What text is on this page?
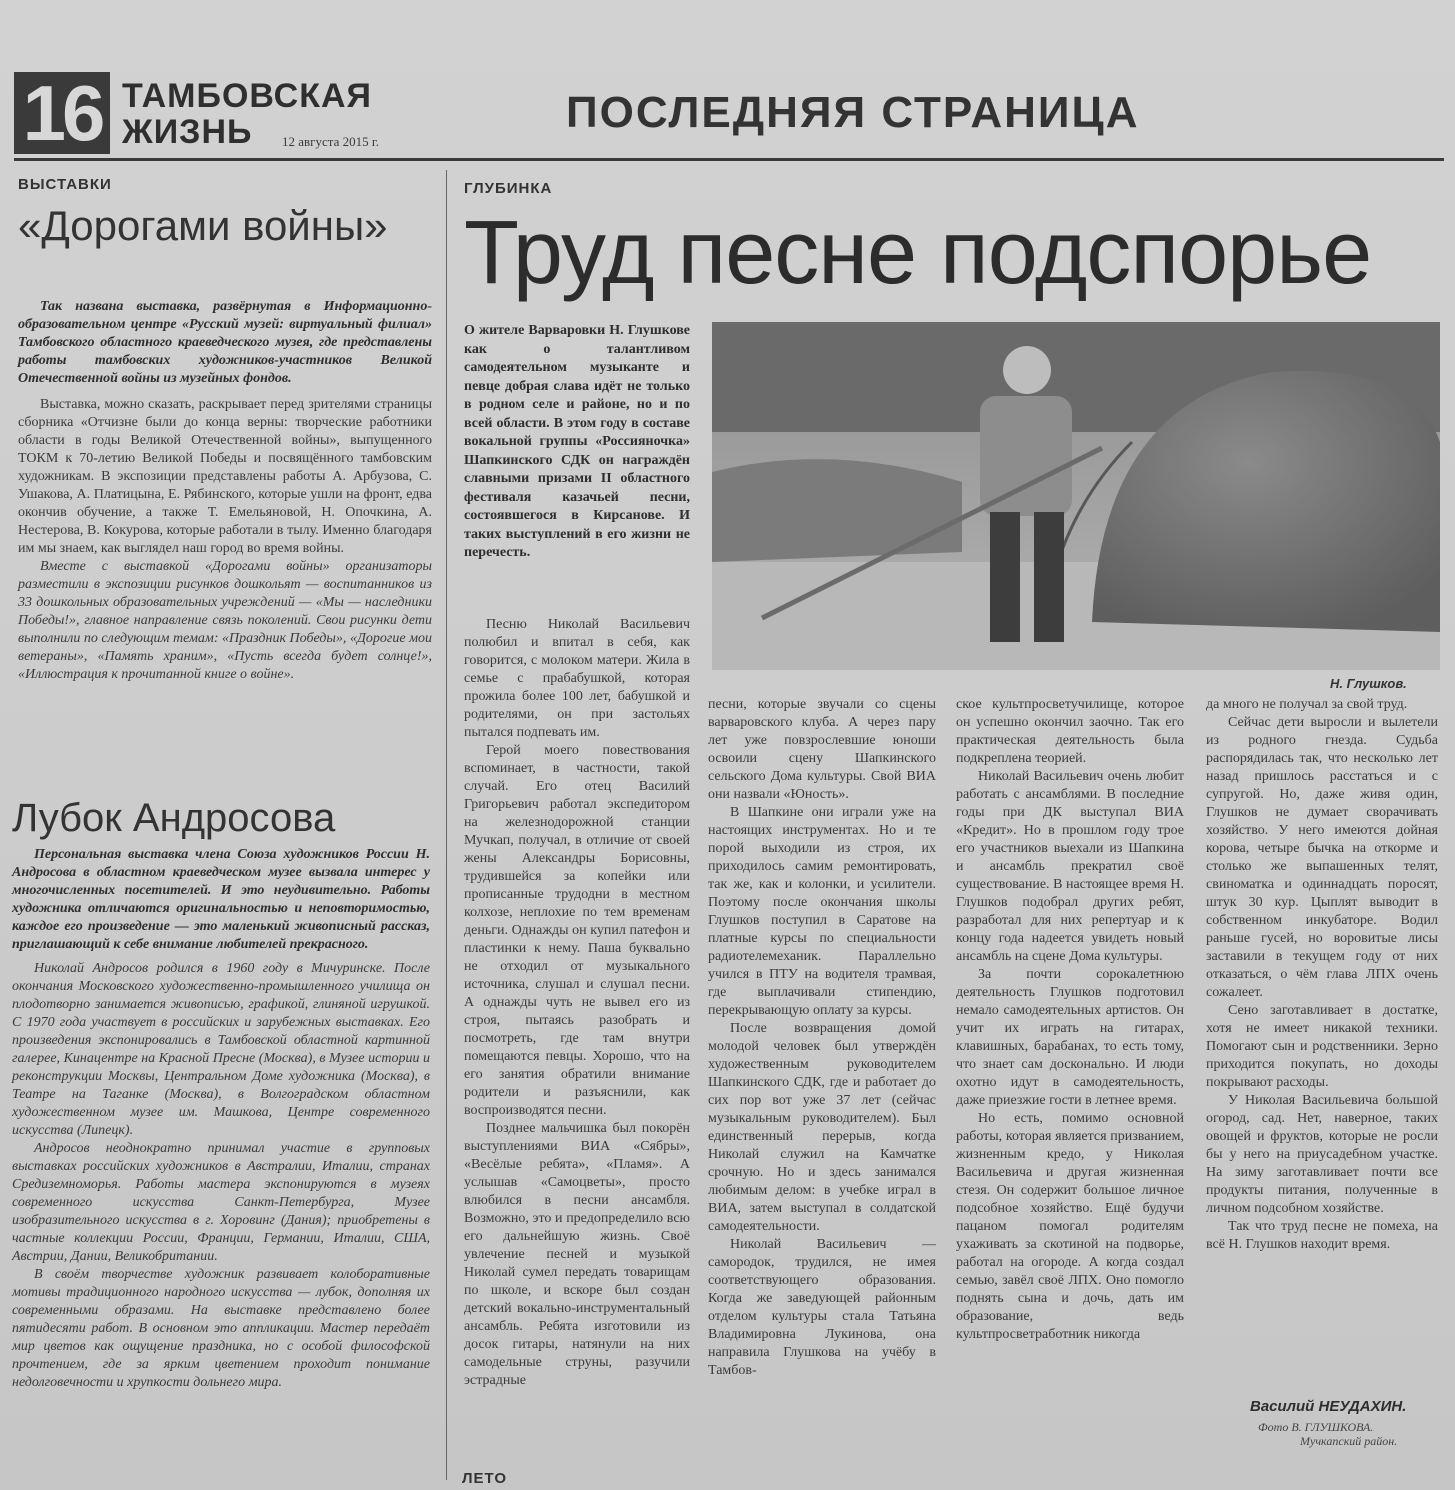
16 ТАМБОВСКАЯ
ЖИЗНЬ	12 августа 2015 г.
ПОСЛЕДНЯЯ СТРАНИЦА
ВЫСТАВКИ
«Дорогами войны»

Так названа выставка, развёрнутая в Информационно-образовательном центре «Русский музей: виртуальный филиал» Тамбовского областного краеведческого музея, где представлены работы тамбовских художников-участников Великой Отечественной войны из музейных фондов.

Выставка, можно сказать, раскрывает перед зрителями страницы сборника «Отчизне были до конца верны: творческие работники области в годы Великой Отечественной войны», выпущенного ТОКМ к 70-летию Великой Победы и посвящённого тамбовским художникам. В экспозиции представлены работы А. Арбузова, С. Ушакова, А. Платицына, Е. Рябинского, которые ушли на фронт, едва окончив обучение, а также Т. Емельяновой, Н. Опочкина, А. Нестерова, В. Кокурова, которые работали в тылу. Именно благодаря им мы знаем, как выглядел наш город во время войны.

Вместе с выставкой «Дорогами войны» организаторы разместили в экспозиции рисунков дошкольят — воспитанников из 33 дошкольных образовательных учреждений — «Мы — наследники Победы!», главное направление связь поколений. Свои рисунки дети выполнили по следующим темам: «Праздник Победы», «Дорогие мои ветераны», «Память храним», «Пусть всегда будет солнце!», «Иллюстрация к прочитанной книге о войне».

Лубок Андросова

Персональная выставка члена Союза художников России Н. Андросова в областном краеведческом музее вызвала интерес у многочисленных посетителей. И это неудивительно. Работы художника отличаются оригинальностью и неповторимостью, каждое его произведение — это маленький живописный рассказ, приглашающий к себе внимание любителей прекрасного.

Николай Андросов родился в 1960 году в Мичуринске. После окончания Московского художественно-промышленного училища он плодотворно занимается живописью, графикой, глиняной игрушкой. С 1970 года участвует в российских и зарубежных выставках. Его произведения экспонировались в Тамбовской областной картинной галерее, Кинацентре на Красной Пресне (Москва), в Музее истории и реконструкции Москвы, Центральном Доме художника (Москва), в Театре на Таганке (Москва), в Волгоградском областном художественном музее им. Машкова, Центре современного искусства (Липецк).

Андросов неоднократно принимал участие в групповых выставках российских художников в Австралии, Италии, странах Средиземноморья. Работы мастера экспонируются в музеях современного искусства Санкт-Петербурга, Музее изобразительного искусства в г. Хоровинг (Дания); приобретены в частные коллекции России, Франции, Германии, Италии, США, Австрии, Дании, Великобритании.

В своём творчестве художник развивает колоборативные мотивы традиционного народного искусства — лубок, дополняя их современными образами. На выставке представлено более пятидесяти работ. В основном это аппликации. Мастер передаёт мир цветов как ощущение праздника, но с особой философской прочтением, где за ярким цветением проходит понимание недолговечности и хрупкости дольнего мира.

ГЛУБИНКА
Труд песне подспорье
О жителе Варваровки Н. Глушкове как о талантливом самодеятельном музыканте и певце добрая слава идёт не только в родном селе и районе, но и по всей области. В этом году в составе вокальной группы «Россияночка» Шапкинского СДК он награждён славными призами II областного фестиваля казачьей песни, состоявшегося в Кирсанове. И таких выступлений в его жизни не перечесть.

Песню Николай Васильевич полюбил и впитал в себя, как говорится, с молоком матери. Жила в семье с прабабушкой, которая прожила более 100 лет, бабушкой и родителями, он при застольях пытался подпевать им.

Герой моего повествования вспоминает, в частности, такой случай. Его отец Василий Григорьевич работал экспедитором на железнодорожной станции Мучкап, получал, в отличие от своей жены Александры Борисовны, трудившейся за копейки или прописанные трудодни в местном колхозе, неплохие по тем временам деньги. Однажды он купил патефон и пластинки к нему. Паша буквально не отходил от музыкального источника, слушал и слушал песни. А однажды чуть не вывел его из строя, пытаясь разобрать и посмотреть, где там внутри помещаются певцы. Хорошо, что на его занятия обратили внимание родители и разъяснили, как воспроизводятся песни.

Позднее мальчишка был покорён выступлениями ВИА «Сябры», «Весёлые ребята», «Пламя». А услышав «Самоцветы», просто влюбился в песни ансамбля. Возможно, это и предопределило всю его дальнейшую жизнь. Своё увлечение песней и музыкой Николай сумел передать товарищам по школе, и вскоре был создан детский вокально-инструментальный ансамбль. Ребята изготовили из досок гитары, натянули на них самодельные струны, разучили эстрадные

Н. Глушков.

песни, которые звучали со сцены варваровского клуба. А через пару лет уже повзрослевшие юноши освоили сцену Шапкинского сельского Дома культуры. Свой ВИА они назвали «Юность».

В Шапкине они играли уже на настоящих инструментах. Но и те порой выходили из строя, их приходилось самим ремонтировать, так же, как и колонки, и усилители. Поэтому после окончания школы Глушков поступил в Саратове на платные курсы по специальности радиотелемеханик. Параллельно учился в ПТУ на водителя трамвая, где выплачивали стипендию, перекрывающую оплату за курсы.

После возвращения домой молодой человек был утверждён художественным руководителем Шапкинского СДК, где и работает до сих пор вот уже 37 лет (сейчас музыкальным руководителем). Был единственный перерыв, когда Николай служил на Камчатке срочную. Но и здесь занимался любимым делом: в учебке играл в ВИА, затем выступал в солдатской самодеятельности.

Николай Васильевич — самородок, трудился, не имея соответствующего образования. Когда же заведующей районным отделом культуры стала Татьяна Владимировна Лукинова, она направила Глушкова на учёбу в Тамбов-

ское культпросветучилище, которое он успешно окончил заочно. Так его практическая деятельность была подкреплена теорией.

Николай Васильевич очень любит работать с ансамблями. В последние годы при ДК выступал ВИА «Кредит». Но в прошлом году трое его участников выехали из Шапкина и ансамбль прекратил своё существование. В настоящее время Н. Глушков подобрал других ребят, разработал для них репертуар и к концу года надеется увидеть новый ансамбль на сцене Дома культуры.

За почти сорокалетнюю деятельность Глушков подготовил немало самодеятельных артистов. Он учит их играть на гитарах, клавишных, барабанах, то есть тому, что знает сам досконально. И люди охотно идут в самодеятельность, даже приезжие гости в летнее время.

Но есть, помимо основной работы, которая является призванием, жизненным кредо, у Николая Васильевича и другая жизненная стезя. Он содержит большое личное подсобное хозяйство. Ещё будучи пацаном помогал родителям ухаживать за скотиной на подворье, работал на огороде. А когда создал семью, завёл своё ЛПХ. Оно помогло поднять сына и дочь, дать им образование, ведь культпросветработник никогда

да много не получал за свой труд.

Сейчас дети выросли и вылетели из родного гнезда. Судьба распорядилась так, что несколько лет назад пришлось расстаться и с супругой. Но, даже живя один, Глушков не думает сворачивать хозяйство. У него имеются дойная корова, четыре бычка на откорме и столько же выпашенных телят, свиноматка и одиннадцать поросят, штук 30 кур. Цыплят выводит в собственном инкубаторе. Водил раньше гусей, но воровитые лисы заставили в текущем году от них отказаться, о чём глава ЛПХ очень сожалеет.

Сено заготавливает в достатке, хотя не имеет никакой техники. Помогают сын и родственники. Зерно приходится покупать, но доходы покрывают расходы.

У Николая Васильевича большой огород, сад. Нет, наверное, таких овощей и фруктов, которые не росли бы у него на приусадебном участке. На зиму заготавливает почти все продукты питания, полученные в личном подсобном хозяйстве.

Так что труд песне не помеха, на всё Н. Глушков находит время.

Василий НЕУДАХИН.
Фото В. ГЛУШКОВА.
Мучкапский район.
ЛЕТО
